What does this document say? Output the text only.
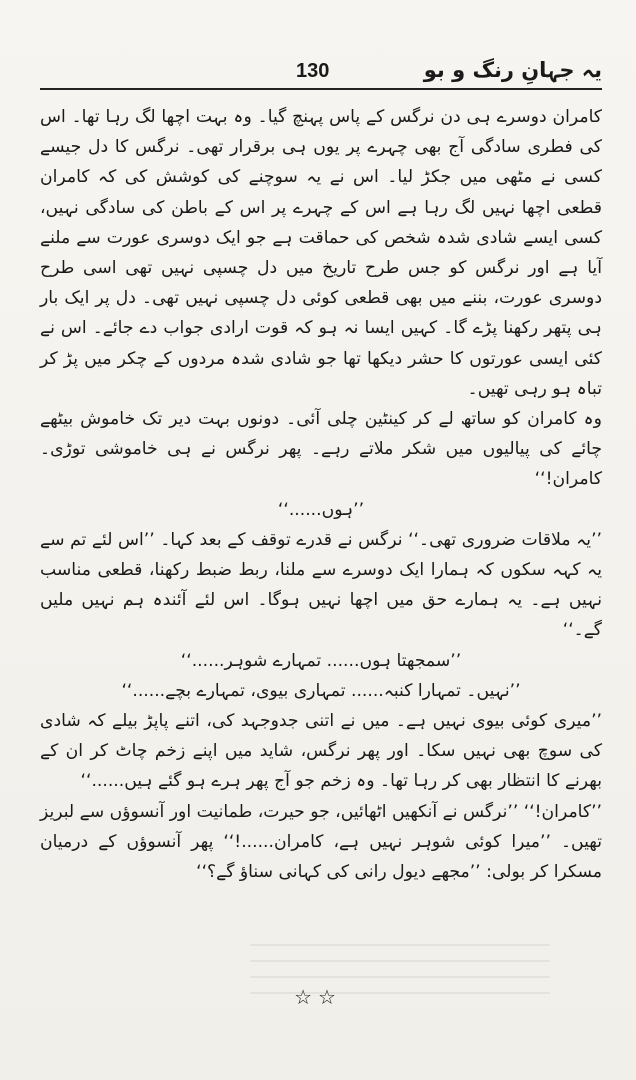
130	یہ جہانِ رنگ و بو

کامران دوسرے ہی دن نرگس کے پاس پہنچ گیا۔ وہ بہت اچھا لگ رہا تھا۔ اس کی فطری سادگی آج بھی چہرے پر یوں ہی برقرار تھی۔ نرگس کا دل جیسے کسی نے مٹھی میں جکڑ لیا۔ اس نے یہ سوچنے کی کوشش کی کہ کامران قطعی اچھا نہیں لگ رہا ہے اس کے چہرے پر اس کے باطن کی سادگی نہیں، کسی ایسے شادی شدہ شخص کی حماقت ہے جو ایک دوسری عورت سے ملنے آیا ہے اور نرگس کو جس طرح تاریخ میں دل چسپی نہیں تھی اسی طرح دوسری عورت، بننے میں بھی قطعی کوئی دل چسپی نہیں تھی۔ دل پر ایک بار ہی پتھر رکھنا پڑے گا۔ کہیں ایسا نہ ہو کہ قوت ارادی جواب دے جائے۔ اس نے کئی ایسی عورتوں کا حشر دیکھا تھا جو شادی شدہ مردوں کے چکر میں پڑ کر تباہ ہو رہی تھیں۔

وہ کامران کو ساتھ لے کر کینٹین چلی آئی۔ دونوں بہت دیر تک خاموش بیٹھے چائے کی پیالیوں میں شکر ملاتے رہے۔ پھر نرگس نے ہی خاموشی توڑی۔ کامران!‘‘

’’ہوں......‘‘

’’یہ ملاقات ضروری تھی۔‘‘ نرگس نے قدرے توقف کے بعد کہا۔ ’’اس لئے تم سے یہ کہہ سکوں کہ ہمارا ایک دوسرے سے ملنا، ربط ضبط رکھنا، قطعی مناسب نہیں ہے۔ یہ ہمارے حق میں اچھا نہیں ہوگا۔ اس لئے آئندہ ہم نہیں ملیں گے۔‘‘

’’سمجھتا ہوں...... تمہارے شوہر......‘‘

’’نہیں۔ تمہارا کنبہ...... تمہاری بیوی، تمہارے بچے......‘‘

’’میری کوئی بیوی نہیں ہے۔ میں نے اتنی جدوجہد کی، اتنے پاپڑ بیلے کہ شادی کی سوچ بھی نہیں سکا۔ اور پھر نرگس، شاید میں اپنے زخم چاٹ کر ان کے بھرنے کا انتظار بھی کر رہا تھا۔ وہ زخم جو آج پھر ہرے ہو گئے ہیں......‘‘

’’کامران!‘‘ ’’نرگس نے آنکھیں اٹھائیں، جو حیرت، طمانیت اور آنسوؤں سے لبریز تھیں۔ ’’میرا کوئی شوہر نہیں ہے، کامران......!‘‘ پھر آنسوؤں کے درمیان مسکرا کر بولی: ’’مجھے دیول رانی کی کہانی سناؤ گے؟‘‘

☆☆
